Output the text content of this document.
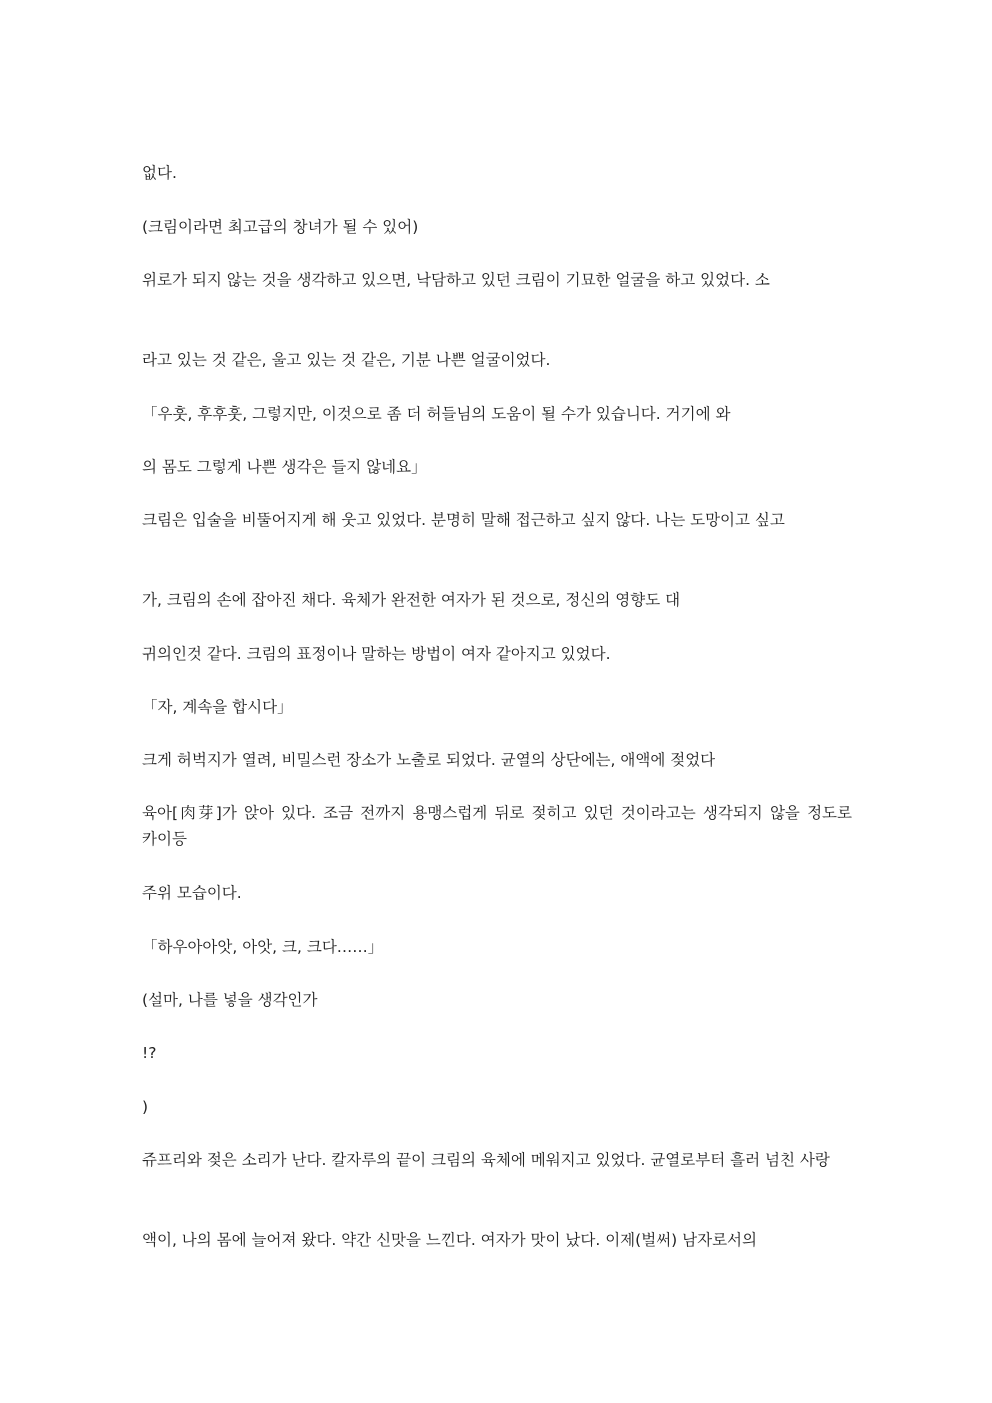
없다.

(크림이라면 최고급의 창녀가 될 수 있어)

위로가 되지 않는 것을 생각하고 있으면, 낙담하고 있던 크림이 기묘한 얼굴을 하고 있었다. 소

라고 있는 것 같은, 울고 있는 것 같은, 기분 나쁜 얼굴이었다.

「우훗, 후후훗, 그렇지만, 이것으로 좀 더 허들님의 도움이 될 수가 있습니다. 거기에 와

의 몸도 그렇게 나쁜 생각은 들지 않네요」

크림은 입술을 비뚤어지게 해 웃고 있었다. 분명히 말해 접근하고 싶지 않다. 나는 도망이고 싶고

가, 크림의 손에 잡아진 채다. 육체가 완전한 여자가 된 것으로, 정신의 영향도 대

귀의인것 같다. 크림의 표정이나 말하는 방법이 여자 같아지고 있었다.

「자, 계속을 합시다」

크게 허벅지가 열려, 비밀스런 장소가 노출로 되었다. 균열의 상단에는, 애액에 젖었다

육아[肉芽]가 앉아 있다. 조금 전까지 용맹스럽게 뒤로 젖히고 있던 것이라고는 생각되지 않을 정도로 카이등

주위 모습이다.

「하우아아앗, 아앗, 크, 크다……」

(설마, 나를 넣을 생각인가

!?

)

쥬프리와 젖은 소리가 난다. 칼자루의 끝이 크림의 육체에 메워지고 있었다. 균열로부터 흘러 넘친 사랑

액이, 나의 몸에 늘어져 왔다. 약간 신맛을 느낀다. 여자가 맛이 났다. 이제(벌써) 남자로서의
